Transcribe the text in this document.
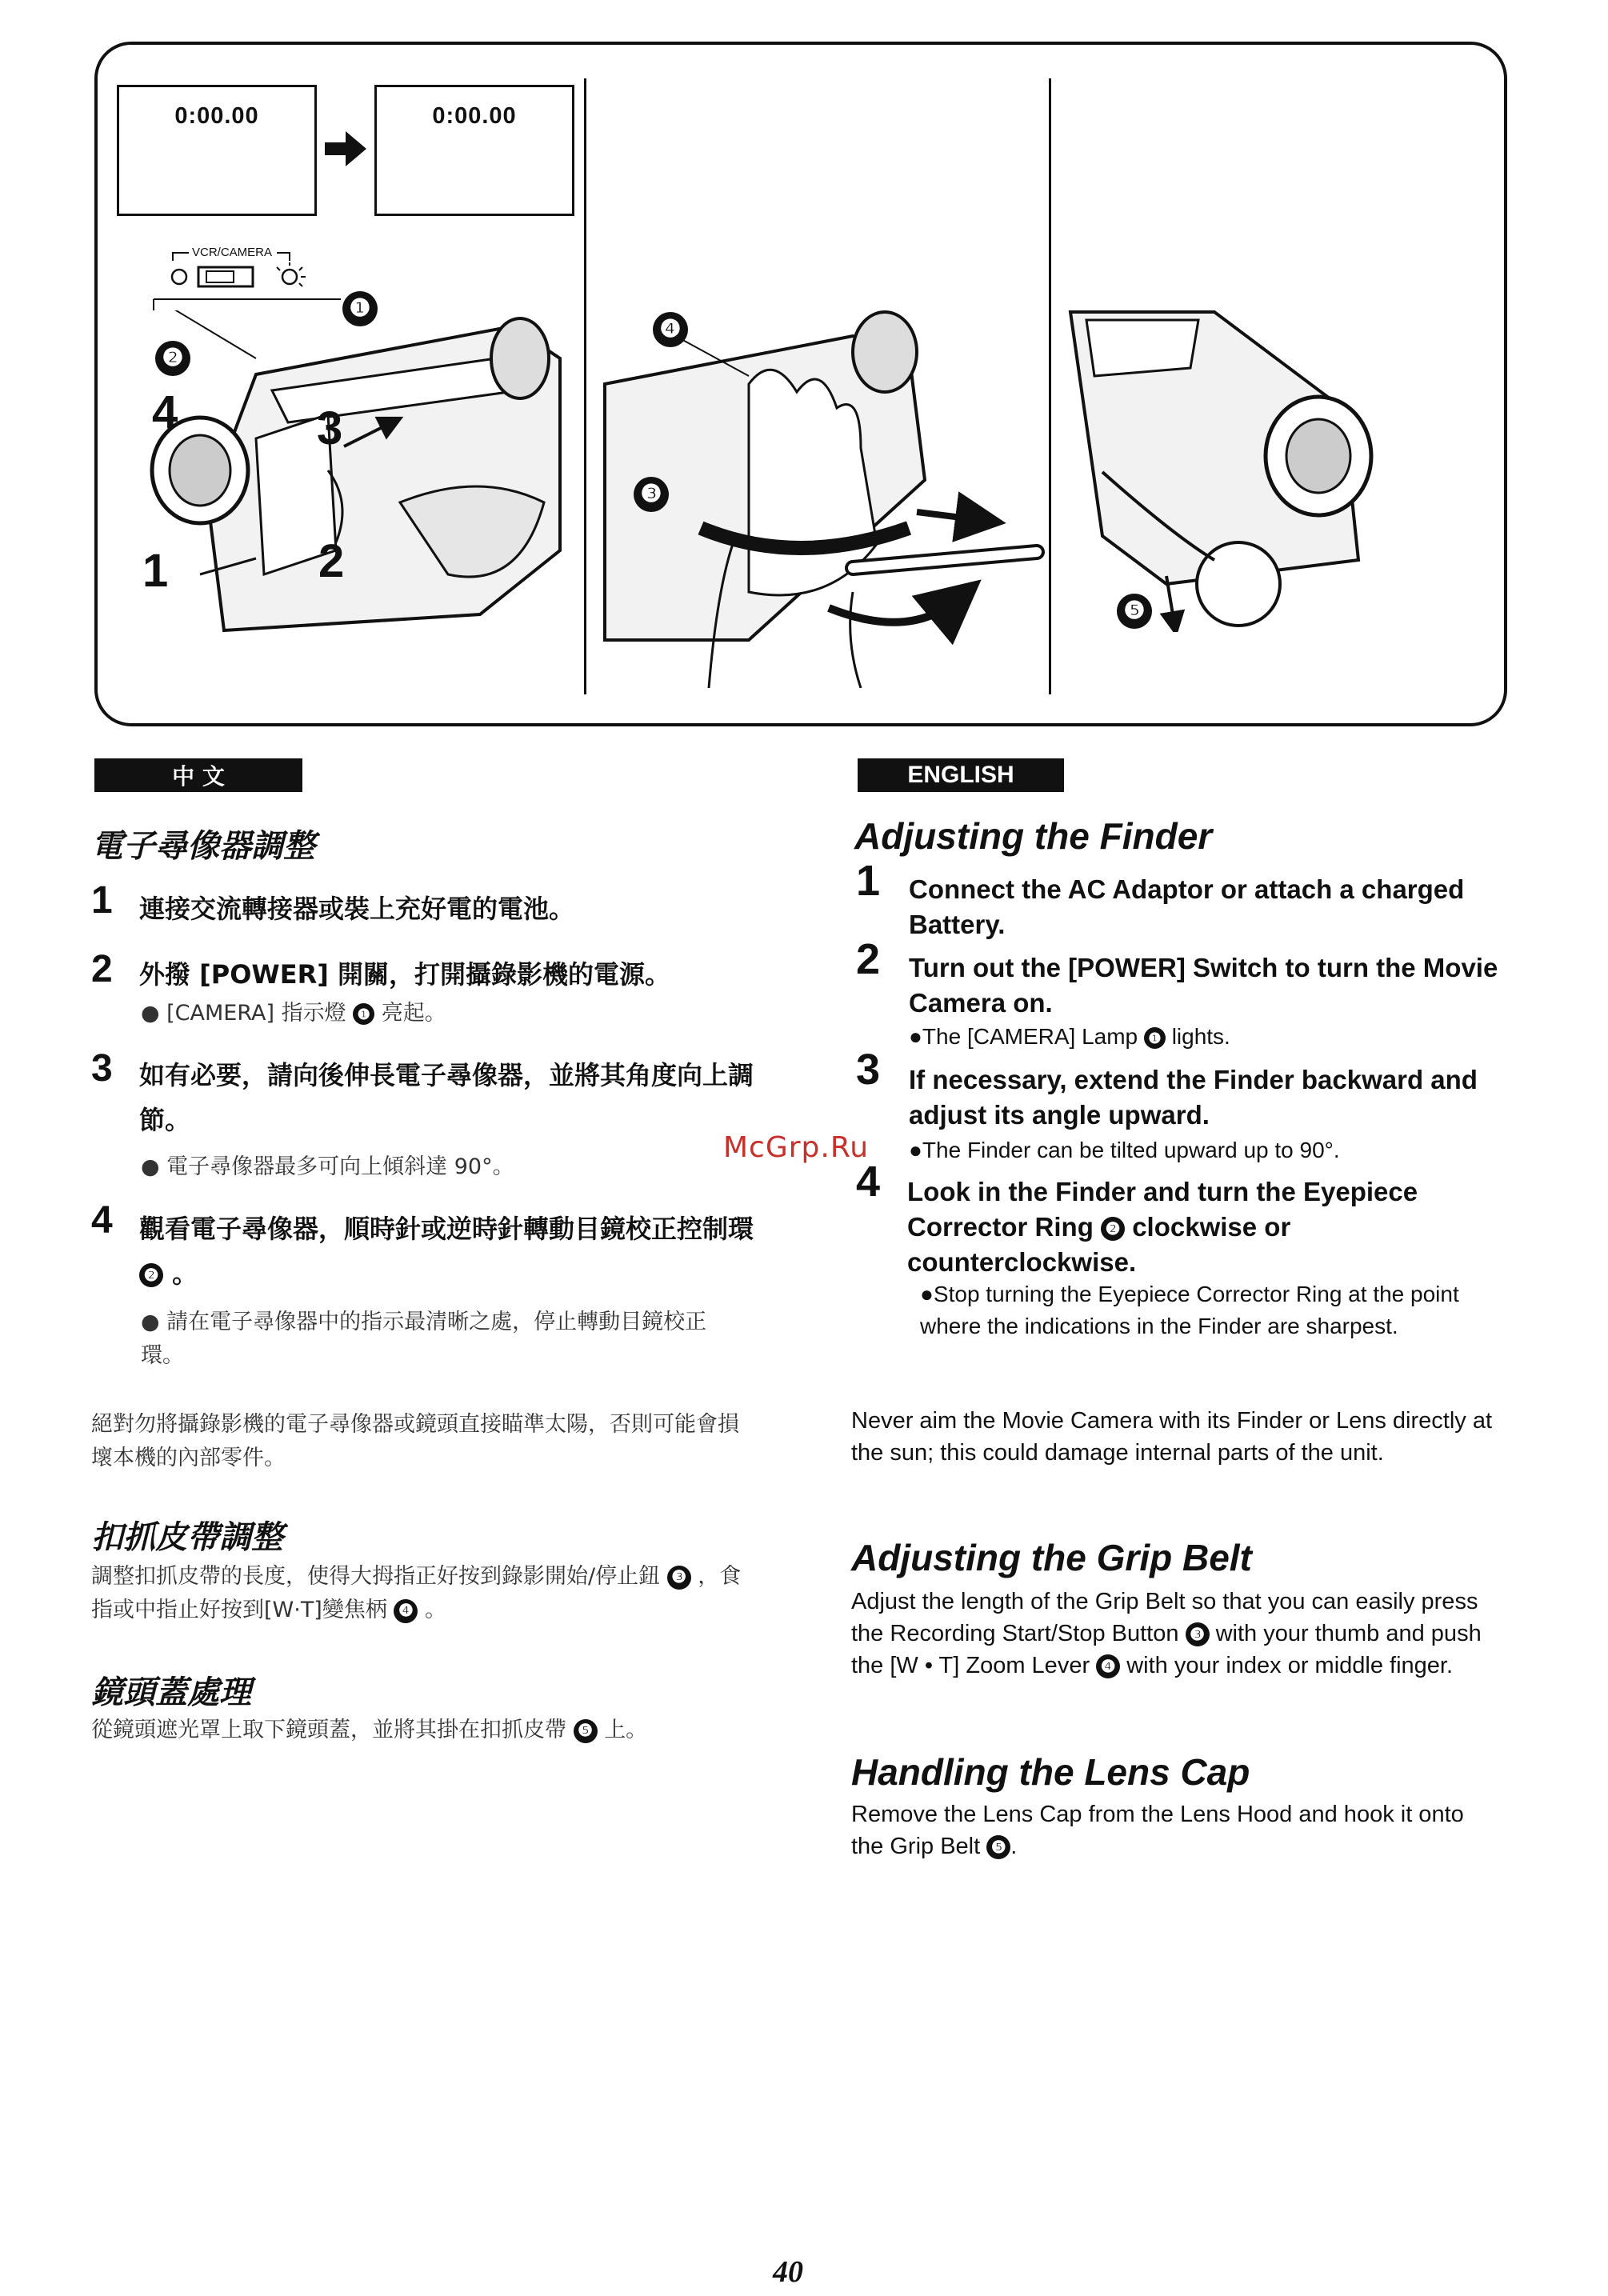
0:00.00	0:00.00
VCR/CAMERA
❶
❷
4	3
1	2
❹
❸
❺
中 文
電子尋像器調整
1 連接交流轉接器或裝上充好電的電池。
2 外撥 [POWER] 開關，打開攝錄影機的電源。
● [CAMERA] 指示燈 ❶ 亮起。
3 如有必要，請向後伸長電子尋像器，並將其角度向上調節。
● 電子尋像器最多可向上傾斜達 90°。
4 觀看電子尋像器，順時針或逆時針轉動目鏡校正控制環 ❷ 。
● 請在電子尋像器中的指示最清晰之處，停止轉動目鏡校正環。
絕對勿將攝錄影機的電子尋像器或鏡頭直接瞄準太陽，否則可能會損壞本機的內部零件。
扣抓皮帶調整
調整扣抓皮帶的長度，使得大拇指正好按到錄影開始/停止鈕 ❸ ，食指或中指止好按到[W·T]變焦柄 ❹ 。
鏡頭蓋處理
從鏡頭遮光罩上取下鏡頭蓋，並將其掛在扣抓皮帶 ❺ 上。
McGrp.Ru
ENGLISH
Adjusting the Finder
1 Connect the AC Adaptor or attach a charged Battery.
2 Turn out the [POWER] Switch to turn the Movie Camera on.
●The [CAMERA] Lamp ❶ lights.
3 If necessary, extend the Finder backward and adjust its angle upward.
●The Finder can be tilted upward up to 90°.
4 Look in the Finder and turn the Eyepiece Corrector Ring ❷ clockwise or counterclockwise.
●Stop turning the Eyepiece Corrector Ring at the point where the indications in the Finder are sharpest.
Never aim the Movie Camera with its Finder or Lens directly at the sun; this could damage internal parts of the unit.
Adjusting the Grip Belt
Adjust the length of the Grip Belt so that you can easily press the Recording Start/Stop Button ❸ with your thumb and push the [W • T] Zoom Lever ❹ with your index or middle finger.
Handling the Lens Cap
Remove the Lens Cap from the Lens Hood and hook it onto the Grip Belt ❺ .
40
